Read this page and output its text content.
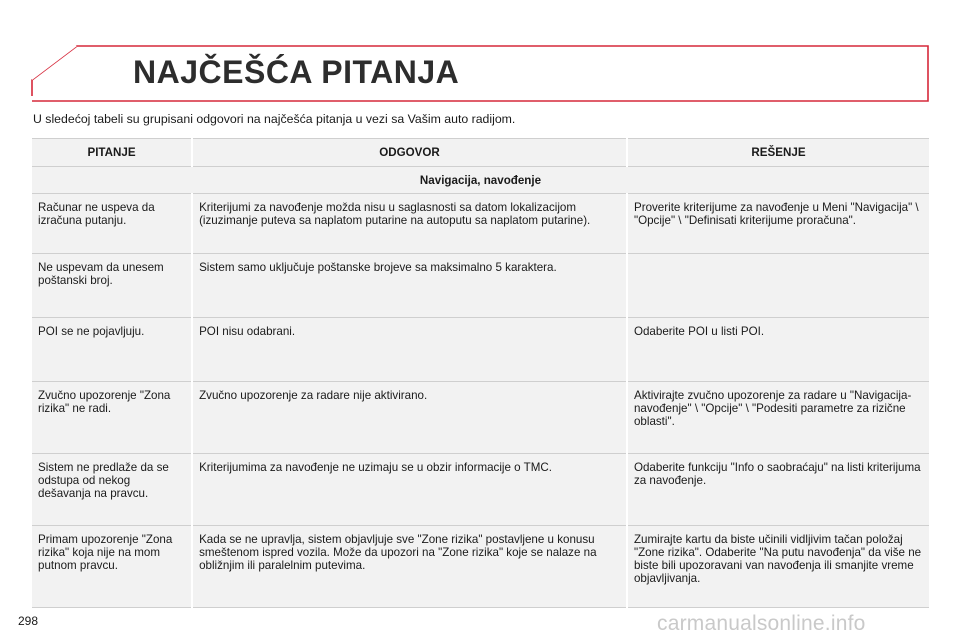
NAJČEŠĆA PITANJA
U sledećoj tabeli su grupisani odgovori na najčešća pitanja u vezi sa Vašim auto radijom.
PITANJE	ODGOVOR	REŠENJE
Navigacija, navođenje		

Računar ne uspeva da izračuna putanju.	Kriterijumi za navođenje možda nisu u saglasnosti sa datom lokalizacijom (izuzimanje puteva sa naplatom putarine na autoputu sa naplatom putarine).	Proverite kriterijume za navođenje u Meni "Navigacija" \ "Opcije" \ "Definisati kriterijume proračuna".

Ne uspevam da unesem poštanski broj.	Sistem samo uključuje poštanske brojeve sa maksimalno 5 karaktera.	

POI se ne pojavljuju.	POI nisu odabrani.	Odaberite POI u listi POI.

Zvučno upozorenje "Zona rizika" ne radi.	Zvučno upozorenje za radare nije aktivirano.	Aktivirajte zvučno upozorenje za radare u "Navigacija- navođenje" \ "Opcije" \ "Podesiti parametre za rizične oblasti".

Sistem ne predlaže da se odstupa od nekog dešavanja na pravcu.	Kriterijumima za navođenje ne uzimaju se u obzir informacije o TMC.	Odaberite funkciju "Info o saobraćaju" na listi kriterijuma za navođenje.

Primam upozorenje "Zona rizika" koja nije na mom putnom pravcu.	Kada se ne upravlja, sistem objavljuje sve "Zone rizika" postavljene u konusu smeštenom ispred vozila. Može da upozori na "Zone rizika" koje se nalaze na obližnjim ili paralelnim putevima.	Zumirajte kartu da biste učinili vidljivim tačan položaj "Zone rizika". Odaberite "Na putu navođenja" da više ne biste bili upozoravani van navođenja ili smanjite vreme objavljivanja.
298	carmanualsonline.info
